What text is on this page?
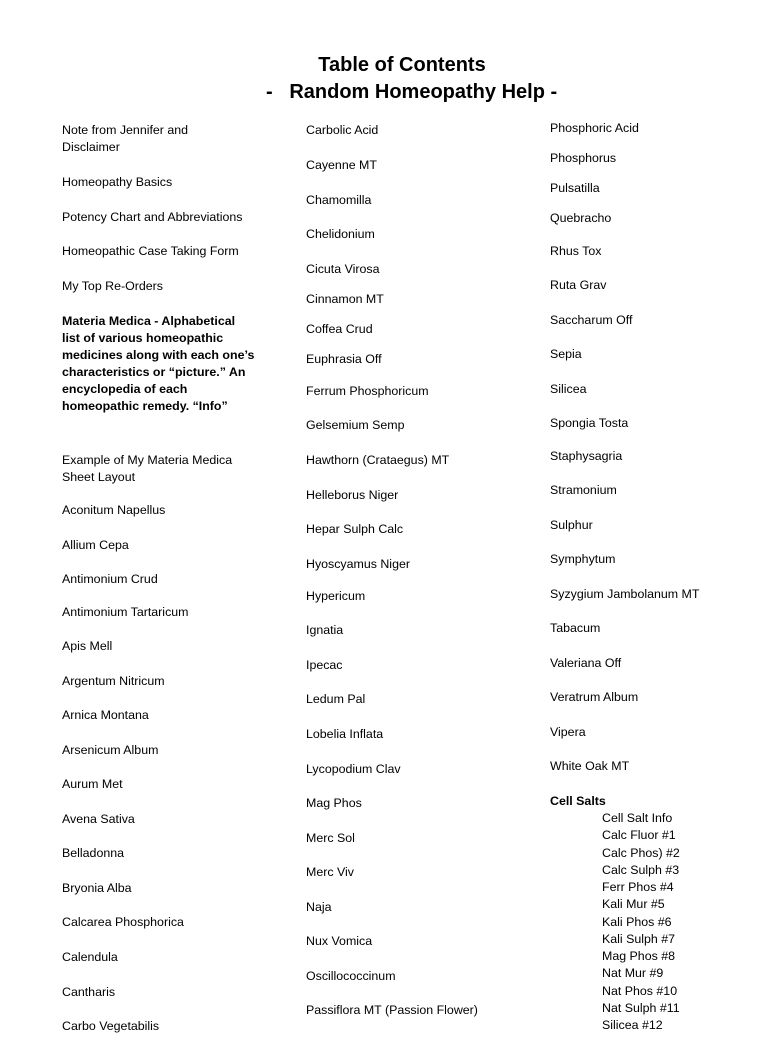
Table of Contents
-   Random Homeopathy Help -
Note from Jennifer and Disclaimer
Homeopathy Basics
Potency Chart and Abbreviations
Homeopathic Case Taking Form
My Top Re-Orders
Materia Medica - Alphabetical list of various homeopathic medicines along with each one’s characteristics or “picture.” An encyclopedia of each homeopathic remedy. “Info”
Example of My Materia Medica Sheet Layout
Aconitum Napellus
Allium Cepa
Antimonium Crud
Antimonium Tartaricum
Apis Mell
Argentum Nitricum
Arnica Montana
Arsenicum Album
Aurum Met
Avena Sativa
Belladonna
Bryonia Alba
Calcarea Phosphorica
Calendula
Cantharis
Carbo Vegetabilis
Carbolic Acid
Cayenne MT
Chamomilla
Chelidonium
Cicuta Virosa
Cinnamon MT
Coffea Crud
Euphrasia Off
Ferrum Phosphoricum
Gelsemium Semp
Hawthorn (Crataegus) MT
Helleborus Niger
Hepar Sulph Calc
Hyoscyamus Niger
Hypericum
Ignatia
Ipecac
Ledum Pal
Lobelia Inflata
Lycopodium Clav
Mag Phos
Merc Sol
Merc Viv
Naja
Nux Vomica
Oscillococcinum
Passiflora MT (Passion Flower)
Phosphoric Acid
Phosphorus
Pulsatilla
Quebracho
Rhus Tox
Ruta Grav
Saccharum Off
Sepia
Silicea
Spongia Tosta
Staphysagria
Stramonium
Sulphur
Symphytum
Syzygium Jambolanum MT
Tabacum
Valeriana Off
Veratrum Album
Vipera
White Oak MT
Cell Salts
Cell Salt Info
Calc Fluor #1
Calc Phos) #2
Calc Sulph #3
Ferr Phos #4
Kali Mur #5
Kali Phos #6
Kali Sulph #7
Mag Phos #8
Nat Mur #9
Nat Phos #10
Nat Sulph #11
Silicea #12
